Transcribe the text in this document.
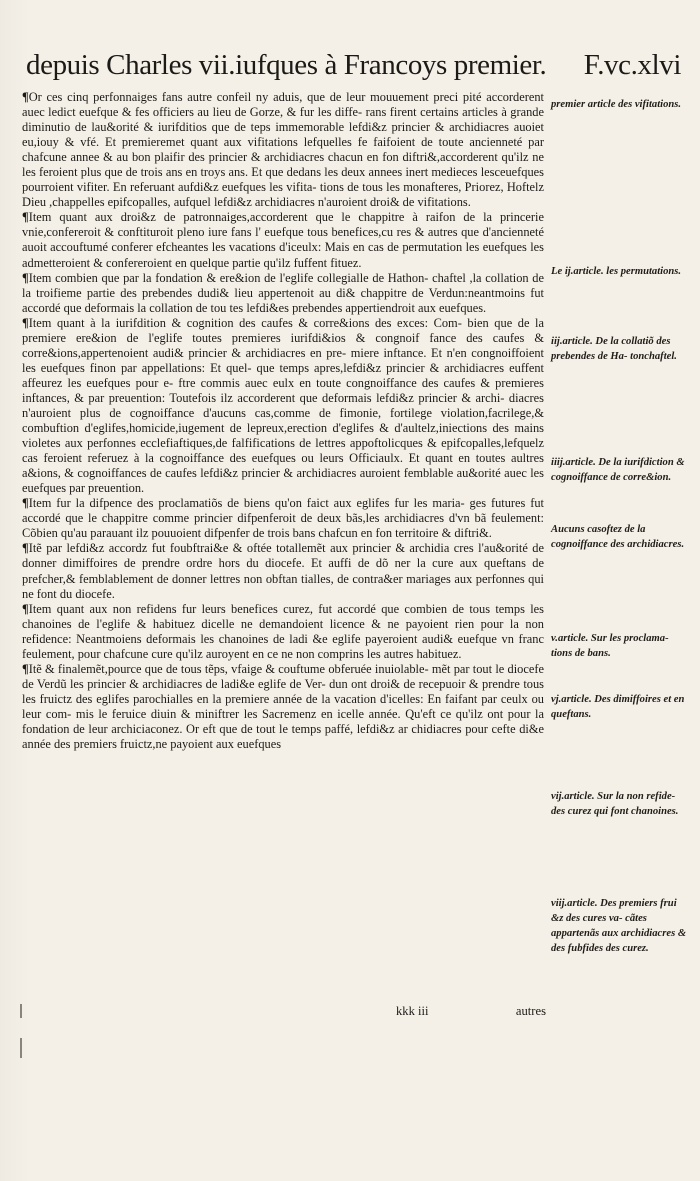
depuis Charles vii.iufques à Francoys premier. F.vc.xlvi

¶Or ces cinq perfonnaiges fans autre confeil ny aduis, que de leur mouuement preci pité accorderent auec ledict euefque & fes officiers au lieu de Gorze, & fur les diffe- rans firent certains articles à grande diminutio de lau&orité & iurifditios que de teps immemorable lefdi&z princier & archidiacres auoiet eu,iouy & vfé. Et premieremet quant aux vifitations lefquelles fe faifoient de toute ancienneté par chafcune annee & au bon plaifir des princier & archidiacres chacun en fon diftri&,accorderent qu'ilz ne les feroient plus que de trois ans en troys ans. Et que dedans les deux annees inert medieces lesceuefques pourroient vifiter. En referuant aufdi&z euefques les vifita- tions de tous les monafteres, Priorez, Hoftelz Dieu ,chappelles epifcopalles, aufquel lefdi&z archidiacres n'auroient droi& de vifitations.

¶Item quant aux droi&z de patronnaiges,accorderent que le chappitre à raifon de la princerie vnie,confereroit & conftituroit pleno iure fans l' euefque tous benefices,cu res & autres que d'ancienneté auoit accouftumé conferer efcheantes les vacations d'iceulx: Mais en cas de permutation les euefques les admetteroient & confereroient en quelque partie qu'ilz fuffent fituez.

¶Item combien que par la fondation & ere&ion de l'eglife collegialle de Hathon- chaftel ,la collation de la troifieme partie des prebendes dudi& lieu appertenoit au di& chappitre de Verdun:neantmoins fut accordé que deformais la collation de tou tes lefdi&es prebendes appertiendroit aux euefques.

¶Item quant à la iurifdition & cognition des caufes & corre&ions des exces: Com- bien que de la premiere ere&ion de l'eglife toutes premieres iurifdi&ios & congnoif fance des caufes & corre&ions,appertenoient audi& princier & archidiacres en pre- miere inftance. Et n'en congnoiffoient les euefques finon par appellations: Et quel- que temps apres,lefdi&z princier & archidiacres euffent affeurez les euefques pour e- ftre commis auec eulx en toute congnoiffance des caufes & premieres inftances, & par preuention: Toutefois ilz accorderent que deformais lefdi&z princier & archi- diacres n'auroient plus de cognoiffance d'aucuns cas,comme de fimonie, fortilege violation,facrilege,& combuftion d'eglifes,homicide,iugement de lepreux,erection d'eglifes & d'aultelz,iniections des mains violetes aux perfonnes ecclefiaftiques,de falfifications de lettres appoftolicques & epifcopalles,lefquelz cas feroient referuez à la cognoiffance des euefques ou leurs Officiaulx. Et quant en toutes aultres a&ions, & cognoiffances de caufes lefdi&z princier & archidiacres auroient femblable au&orité auec les euefques par preuention.

¶Item fur la difpence des proclamatiõs de biens qu'on faict aux eglifes fur les maria- ges futures fut accordé que le chappitre comme princier difpenferoit de deux bãs,les archidiacres d'vn bã feulement: Cõbien qu'au parauant ilz pouuoient difpenfer de trois bans chafcun en fon territoire & diftri&.

¶Itẽ par lefdi&z accordz fut foubftrai&e & oftée totallemẽt aux princier & archidia cres l'au&orité de donner dimiffoires de prendre ordre hors du diocefe. Et auffi de dõ ner la cure aux queftans de prefcher,& femblablement de donner lettres non obftan tialles, de contra&er mariages aux perfonnes qui ne font du diocefe.

¶Item quant aux non refidens fur leurs benefices curez, fut accordé que combien de tous temps les chanoines de l'eglife & habituez dicelle ne demandoient licence & ne payoient rien pour la non refidence: Neantmoiens deformais les chanoines de ladi &e eglife payeroient audi& euefque vn franc feulement, pour chafcune cure qu'ilz auroyent en ce ne non comprins les autres habituez.

¶Itẽ & finalemẽt,pource que de tous tẽps, vfaige & couftume obferuée inuiolable- mẽt par tout le diocefe de Verdũ les princier & archidiacres de ladi&e eglife de Ver- dun ont droi& de recepuoir & prendre tous les fruictz des eglifes parochialles en la premiere année de la vacation d'icelles: En faifant par ceulx ou leur com- mis le feruice diuin & miniftrer les Sacremenz en icelle année. Qu'eft ce qu'ilz ont pour la fondation de leur archiciaconez. Or eft que de tout le temps paffé, lefdi&z ar chidiacres pour cefte di&e année des premiers fruictz,ne payoient aux euefques

premier article des vifitations.
Le ij.article. les permutations.
iij.article. De la collatiõ des prebendes de Ha- tonchaftel.
iiij.article. De la iurifdiction & cognoiffance de corre&ion.
Aucuns casoftez de la cognoiffance des archidiacres.
v.article. Sur les proclama- tions de bans.
vj.article. Des dimiffoires et en queftans.
vij.article. Sur la non refide- des curez qui font chanoines.
viij.article. Des premiers frui &z des cures va- cãtes appartenãs aux archidiacres & des fubfides des curez.
kkk iii	autres
